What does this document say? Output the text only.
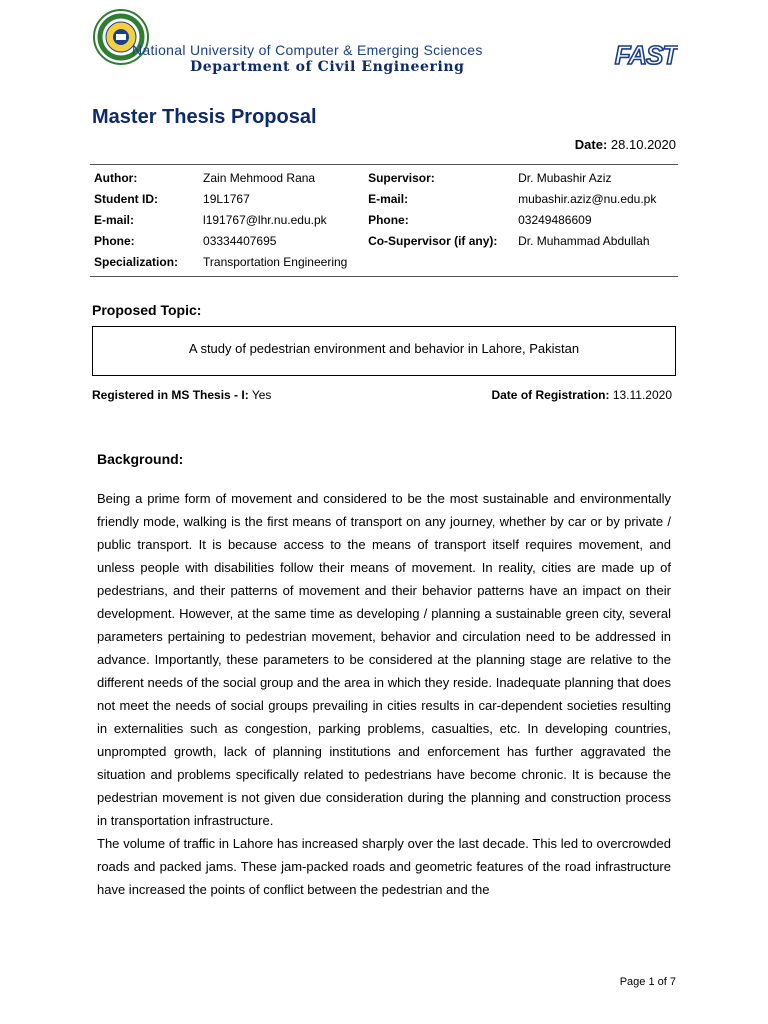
National University of Computer & Emerging Sciences
Department of Civil Engineering	FAST
Master Thesis Proposal
Date: 28.10.2020
Author:	Zain Mehmood Rana	Supervisor:	Dr. Mubashir Aziz
Student ID:	19L1767	E-mail:	mubashir.aziz@nu.edu.pk
E-mail:	l191767@lhr.nu.edu.pk	Phone:	03249486609
Phone:	03334407695	Co-Supervisor (if any):	Dr. Muhammad Abdullah
Specialization:	Transportation Engineering		
Proposed Topic:
A study of pedestrian environment and behavior in Lahore, Pakistan
Registered in MS Thesis - I: Yes	Date of Registration: 13.11.2020
Background:

Being a prime form of movement and considered to be the most sustainable and environmentally friendly mode, walking is the first means of transport on any journey, whether by car or by private / public transport. It is because access to the means of transport itself requires movement, and unless people with disabilities follow their means of movement. In reality, cities are made up of pedestrians, and their patterns of movement and their behavior patterns have an impact on their development. However, at the same time as developing / planning a sustainable green city, several parameters pertaining to pedestrian movement, behavior and circulation need to be addressed in advance. Importantly, these parameters to be considered at the planning stage are relative to the different needs of the social group and the area in which they reside. Inadequate planning that does not meet the needs of social groups prevailing in cities results in car-dependent societies resulting in externalities such as congestion, parking problems, casualties, etc. In developing countries, unprompted growth, lack of planning institutions and enforcement has further aggravated the situation and problems specifically related to pedestrians have become chronic. It is because the pedestrian movement is not given due consideration during the planning and construction process in transportation infrastructure.

The volume of traffic in Lahore has increased sharply over the last decade. This led to overcrowded roads and packed jams. These jam-packed roads and geometric features of the road infrastructure have increased the points of conflict between the pedestrian and the

Page 1 of 7
